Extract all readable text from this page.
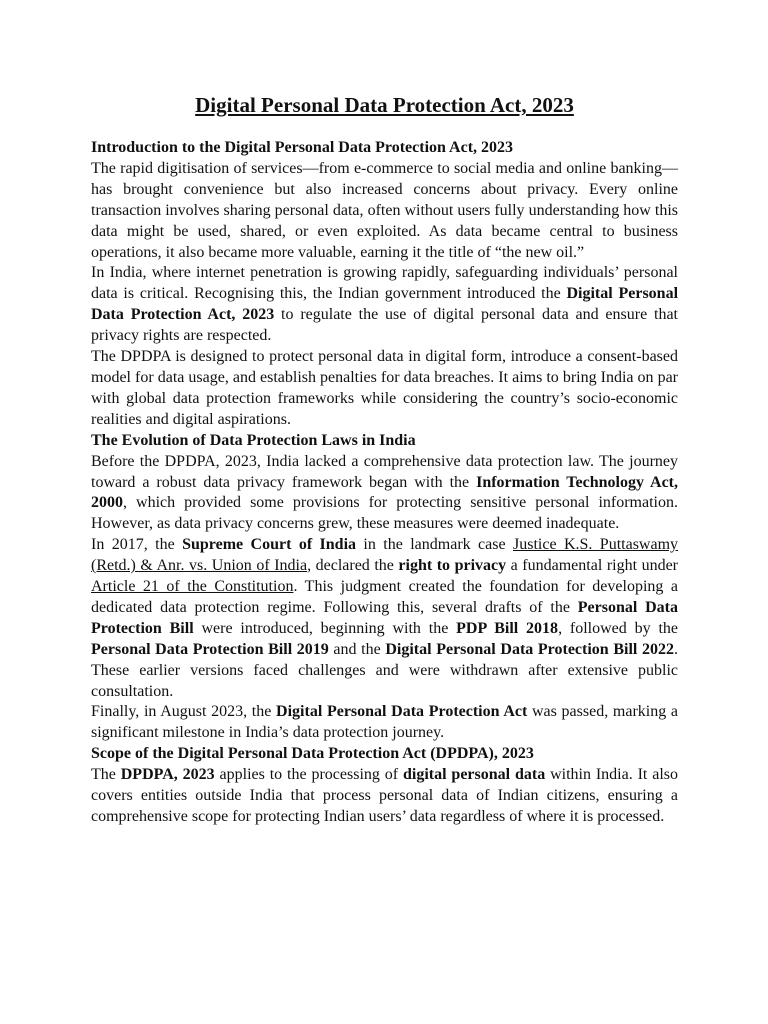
Digital Personal Data Protection Act, 2023

Introduction to the Digital Personal Data Protection Act, 2023

The rapid digitisation of services—from e-commerce to social media and online banking—has brought convenience but also increased concerns about privacy. Every online transaction involves sharing personal data, often without users fully understanding how this data might be used, shared, or even exploited. As data became central to business operations, it also became more valuable, earning it the title of “the new oil.”

In India, where internet penetration is growing rapidly, safeguarding individuals’ personal data is critical. Recognising this, the Indian government introduced the Digital Personal Data Protection Act, 2023 to regulate the use of digital personal data and ensure that privacy rights are respected.

The DPDPA is designed to protect personal data in digital form, introduce a consent-based model for data usage, and establish penalties for data breaches. It aims to bring India on par with global data protection frameworks while considering the country’s socio-economic realities and digital aspirations.

The Evolution of Data Protection Laws in India

Before the DPDPA, 2023, India lacked a comprehensive data protection law. The journey toward a robust data privacy framework began with the Information Technology Act, 2000, which provided some provisions for protecting sensitive personal information. However, as data privacy concerns grew, these measures were deemed inadequate.

In 2017, the Supreme Court of India in the landmark case Justice K.S. Puttaswamy (Retd.) & Anr. vs. Union of India, declared the right to privacy a fundamental right under Article 21 of the Constitution. This judgment created the foundation for developing a dedicated data protection regime. Following this, several drafts of the Personal Data Protection Bill were introduced, beginning with the PDP Bill 2018, followed by the Personal Data Protection Bill 2019 and the Digital Personal Data Protection Bill 2022. These earlier versions faced challenges and were withdrawn after extensive public consultation.

Finally, in August 2023, the Digital Personal Data Protection Act was passed, marking a significant milestone in India’s data protection journey.

Scope of the Digital Personal Data Protection Act (DPDPA), 2023

The DPDPA, 2023 applies to the processing of digital personal data within India. It also covers entities outside India that process personal data of Indian citizens, ensuring a comprehensive scope for protecting Indian users’ data regardless of where it is processed.
